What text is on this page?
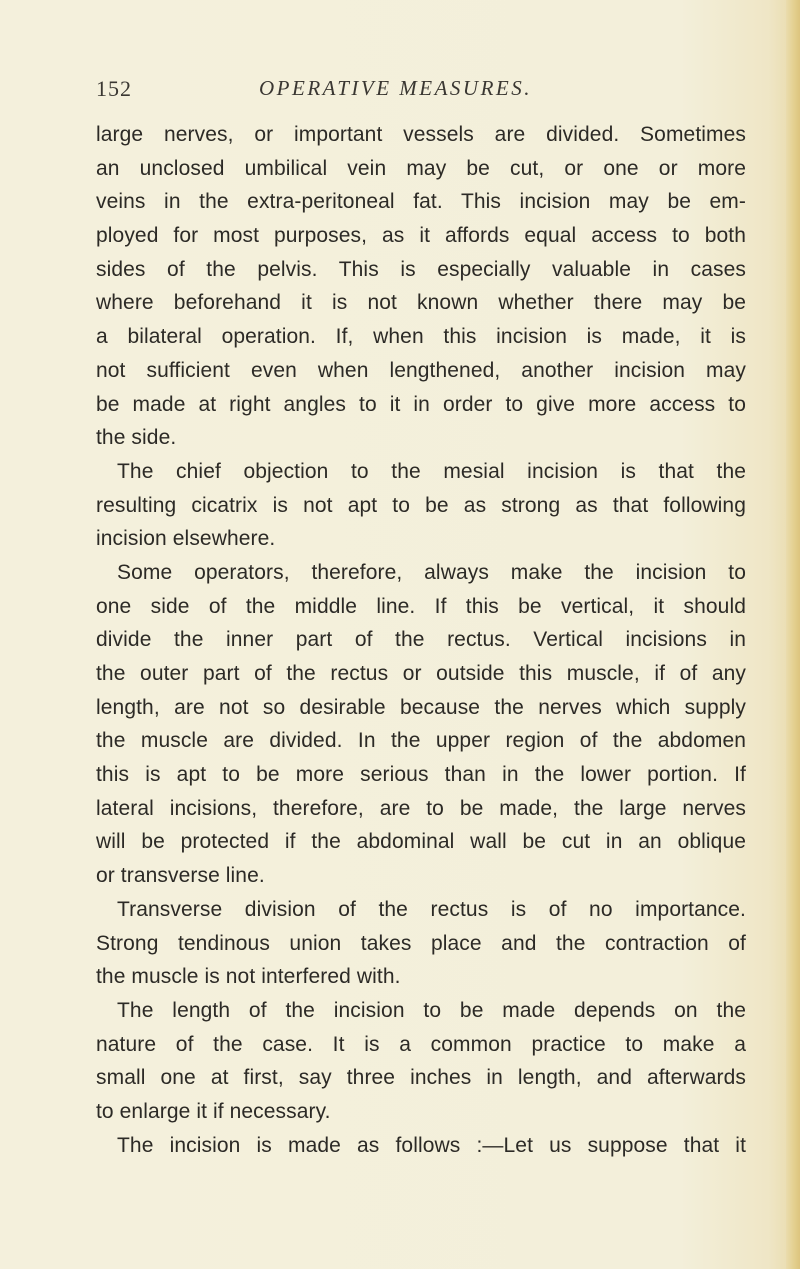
152	OPERATIVE MEASURES.
large nerves, or important vessels are divided. Sometimes
an unclosed umbilical vein may be cut, or one or more
veins in the extra-peritoneal fat. This incision may be em-
ployed for most purposes, as it affords equal access to both
sides of the pelvis. This is especially valuable in cases
where beforehand it is not known whether there may be
a bilateral operation. If, when this incision is made, it is
not sufficient even when lengthened, another incision may
be made at right angles to it in order to give more access to
the side.
The chief objection to the mesial incision is that the
resulting cicatrix is not apt to be as strong as that following
incision elsewhere.
Some operators, therefore, always make the incision to
one side of the middle line. If this be vertical, it should
divide the inner part of the rectus. Vertical incisions in
the outer part of the rectus or outside this muscle, if of any
length, are not so desirable because the nerves which supply
the muscle are divided. In the upper region of the abdomen
this is apt to be more serious than in the lower portion. If
lateral incisions, therefore, are to be made, the large nerves
will be protected if the abdominal wall be cut in an oblique
or transverse line.
Transverse division of the rectus is of no importance.
Strong tendinous union takes place and the contraction of
the muscle is not interfered with.
The length of the incision to be made depends on the
nature of the case. It is a common practice to make a
small one at first, say three inches in length, and afterwards
to enlarge it if necessary.
The incision is made as follows :—Let us suppose that it
